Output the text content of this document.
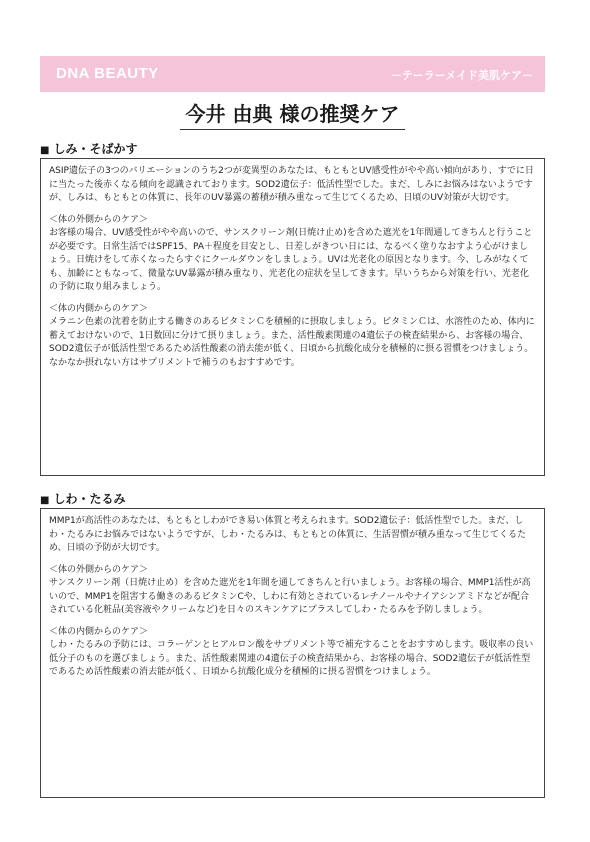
DNA BEAUTY	－テーラーメイド美肌ケア－
今井 由典 様の推奨ケア
■ しみ・そばかす

ASIP遺伝子の3つのバリエーションのうち2つが変異型のあなたは、もともとUV感受性がやや高い傾向があり、すでに日に当たった後赤くなる傾向を認識されております。SOD2遺伝子：低活性型でした。まだ、しみにお悩みはないようですが、しみは、もともとの体質に、長年のUV暴露の蓄積が積み重なって生じてくるため、日頃のUV対策が大切です。

＜体の外側からのケア＞

お客様の場合、UV感受性がやや高いので、サンスクリーン剤(日焼け止め)を含めた遮光を1年間通してきちんと行うことが必要です。日常生活ではSPF15、PA＋程度を目安とし、日差しがきつい日には、なるべく塗りなおすよう心がけましょう。日焼けをして赤くなったらすぐにクールダウンをしましょう。UVは光老化の原因となります。今、しみがなくても、加齢にともなって、微量なUV暴露が積み重なり、光老化の症状を呈してきます。早いうちから対策を行い、光老化の予防に取り組みましょう。

＜体の内側からのケア＞

メラニン色素の沈着を防止する働きのあるビタミンＣを積極的に摂取しましょう。ビタミンＣは、水溶性のため、体内に蓄えておけないので、1日数回に分けて摂りましょう。また、活性酸素関連の4遺伝子の検査結果から、お客様の場合、SOD2遺伝子が低活性型であるため活性酸素の消去能が低く、日頃から抗酸化成分を積極的に摂る習慣をつけましょう。なかなか摂れない方はサプリメントで補うのもおすすめです。

■ しわ・たるみ

MMP1が高活性のあなたは、もともとしわができ易い体質と考えられます。SOD2遺伝子：低活性型でした。まだ、しわ・たるみにお悩みではないようですが、しわ・たるみは、もともとの体質に、生活習慣が積み重なって生じてくるため、日頃の予防が大切です。

＜体の外側からのケア＞

サンスクリーン剤（日焼け止め）を含めた遮光を1年間を通してきちんと行いましょう。お客様の場合、MMP1活性が高いので、MMP1を阻害する働きのあるビタミンCや、しわに有効とされているレチノールやナイアシンアミドなどが配合されている化粧品(美容液やクリームなど)を日々のスキンケアにプラスしてしわ・たるみを予防しましょう。

＜体の内側からのケア＞

しわ・たるみの予防には、コラーゲンとヒアルロン酸をサプリメント等で補充することをおすすめします。吸収率の良い低分子のものを選びましょう。また、活性酸素関連の4遺伝子の検査結果から、お客様の場合、SOD2遺伝子が低活性型であるため活性酸素の消去能が低く、日頃から抗酸化成分を積極的に摂る習慣をつけましょう。
